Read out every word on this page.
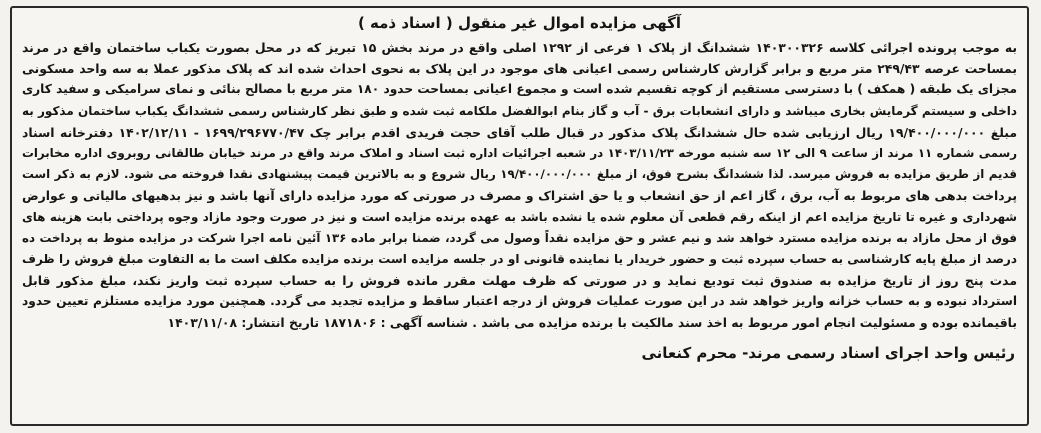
آگهی مزایده اموال غیر منقول ( اسناد ذمه )
به موجب پرونده اجرائی کلاسه ۱۴۰۳۰۰۳۲۶ ششدانگ از پلاک ۱ فرعی از ۱۲۹۲ اصلی واقع در مرند بخش ۱۵ تبریز که در محل بصورت یکباب ساختمان واقع در مرند
بمساحت عرصه ۲۴۹/۴۳ متر مربع و برابر گزارش کارشناس رسمی اعیانی های موجود در این پلاک به نحوی احداث شده اند که پلاک مذکور عملا به سه واحد مسکونی
مجزای یک طبقه ( همکف ) با دسترسی مستقیم از کوچه تقسیم شده است و مجموع اعیانی بمساحت حدود ۱۸۰ متر مربع با مصالح بنائی و نمای سرامیکی و سفید کاری
داخلی و سیستم گرمایش بخاری میباشد و دارای انشعابات برق - آب و گاز بنام ابوالفضل ملکامه ثبت شده و طبق نظر کارشناس رسمی ششدانگ یکباب ساختمان مذکور به
مبلغ ۱۹/۴۰۰/۰۰۰/۰۰۰ ریال ارزیابی شده حال ششدانگ پلاک مذکور در قبال طلب آقای حجت فریدی اقدم برابر چک ۱۶۹۹/۲۹۶۷۷۰/۴۷ - ۱۴۰۲/۱۲/۱۱ دفترخانه اسناد
رسمی شماره ۱۱ مرند از ساعت ۹ الی ۱۲ سه شنبه مورخه ۱۴۰۳/۱۱/۲۳ در شعبه اجرائیات اداره ثبت اسناد و املاک مرند واقع در مرند خیابان طالقانی روبروی اداره مخابرات
قدیم از طریق مزایده به فروش میرسد. لذا ششدانگ بشرح فوق، از مبلغ ۱۹/۴۰۰/۰۰۰/۰۰۰ ریال شروع و به بالاترین قیمت پیشنهادی نقدا فروخته می شود. لازم به ذکر است
پرداخت بدهی های مربوط به آب، برق ، گاز اعم از حق انشعاب و یا حق اشتراک و مصرف در صورتی که مورد مزایده دارای آنها باشد و نیز بدهیهای مالیاتی و عوارض
شهرداری و غیره تا تاریخ مزایده اعم از اینکه رقم قطعی آن معلوم شده یا نشده باشد به عهده برنده مزایده است و نیز در صورت وجود مازاد وجوه پرداختی بابت هزینه های
فوق از محل مازاد به برنده مزایده مسترد خواهد شد و نیم عشر و حق مزایده نقداً وصول می گردد، ضمنا برابر ماده ۱۳۶ آئین نامه اجرا شرکت در مزایده منوط به پرداخت ده
درصد از مبلغ پایه کارشناسی به حساب سپرده ثبت و حضور خریدار یا نماینده قانونی او در جلسه مزایده است برنده مزایده مکلف است ما به التفاوت مبلغ فروش را ظرف
مدت پنج روز از تاریخ مزایده به صندوق ثبت تودیع نماید و در صورتی که ظرف مهلت مقرر مانده فروش را به حساب سپرده ثبت واریز نکند، مبلغ مذکور قابل
استرداد نبوده و به حساب خزانه واریز خواهد شد در این صورت عملیات فروش از درجه اعتبار ساقط و مزایده تجدید می گردد. همچنین مورد مزایده مستلزم تعیین حدود
باقیمانده بوده و مسئولیت انجام امور مربوط به اخذ سند مالکیت با برنده مزایده می باشد . شناسه آگهی : ۱۸۷۱۸۰۶ تاریخ انتشار: ۱۴۰۳/۱۱/۰۸
رئیس واحد اجرای اسناد رسمی مرند- محرم کنعانی
